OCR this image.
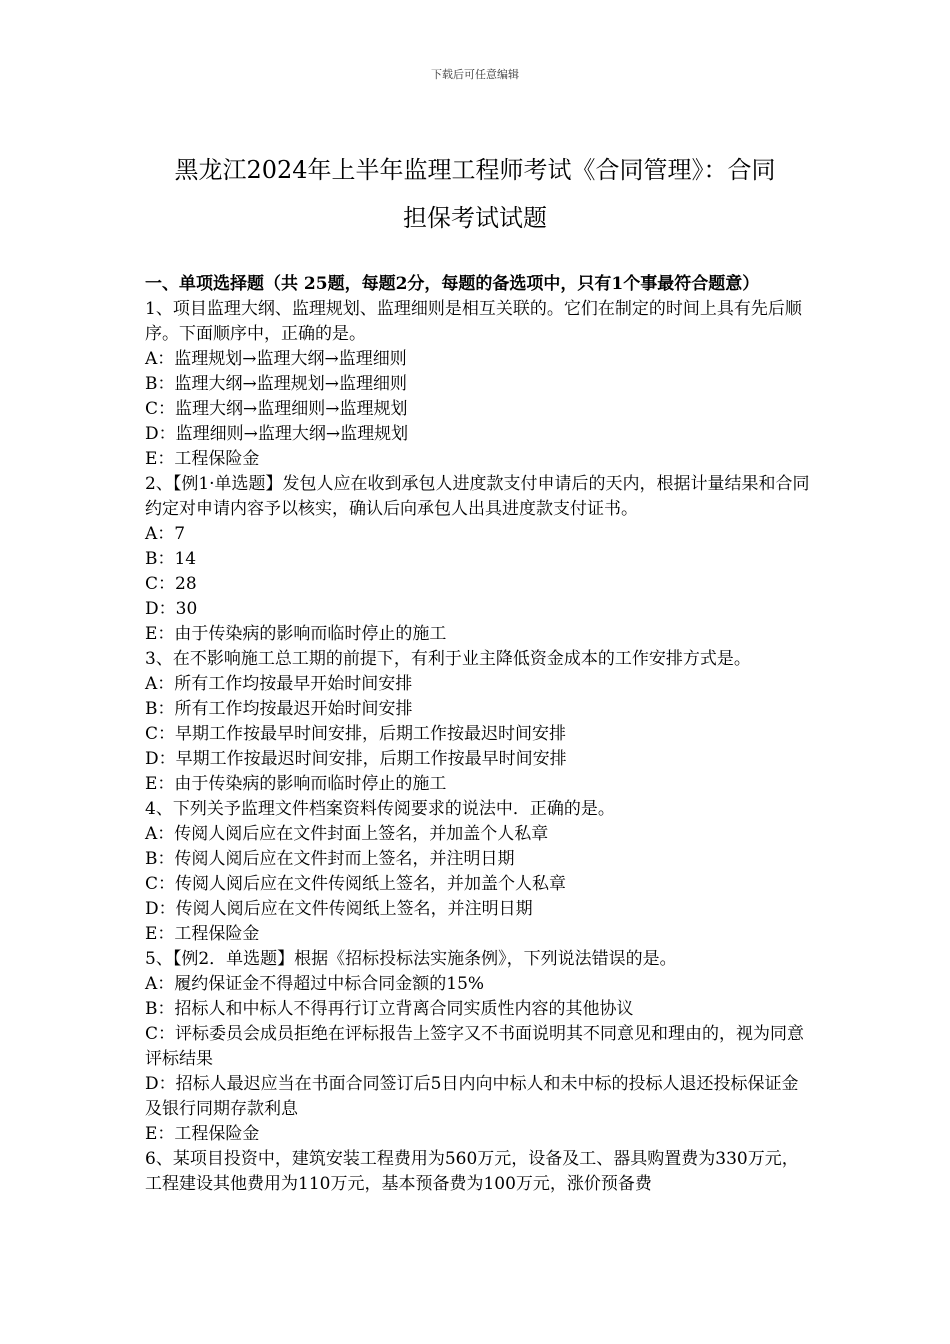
下载后可任意编辑
黑龙江2024年上半年监理工程师考试《合同管理》：合同
担保考试试题
一、单项选择题（共 25题，每题2分，每题的备选项中，只有1个事最符合题意）
1、项目监理大纲、监理规划、监理细则是相互关联的。它们在制定的时间上具有先后顺序。下面顺序中，正确的是。
A：监理规划→监理大纲→监理细则
B：监理大纲→监理规划→监理细则
C：监理大纲→监理细则→监理规划
D：监理细则→监理大纲→监理规划
E：工程保险金
2、【例1·单选题】发包人应在收到承包人进度款支付申请后的天内，根据计量结果和合同约定对申请内容予以核实，确认后向承包人出具进度款支付证书。
A：7
B：14
C：28
D：30
E：由于传染病的影响而临时停止的施工
3、在不影响施工总工期的前提下，有利于业主降低资金成本的工作安排方式是。
A：所有工作均按最早开始时间安排
B：所有工作均按最迟开始时间安排
C：早期工作按最早时间安排，后期工作按最迟时间安排
D：早期工作按最迟时间安排，后期工作按最早时间安排
E：由于传染病的影响而临时停止的施工
4、下列关予监理文件档案资料传阅要求的说法中．正确的是。
A：传阅人阅后应在文件封面上签名，并加盖个人私章
B：传阅人阅后应在文件封而上签名，并注明日期
C：传阅人阅后应在文件传阅纸上签名，并加盖个人私章
D：传阅人阅后应在文件传阅纸上签名，并注明日期
E：工程保险金
5、【例2．单选题】根据《招标投标法实施条例》，下列说法错误的是。
A：履约保证金不得超过中标合同金额的15%
B：招标人和中标人不得再行订立背离合同实质性内容的其他协议
C：评标委员会成员拒绝在评标报告上签字又不书面说明其不同意见和理由的，视为同意评标结果
D：招标人最迟应当在书面合同签订后5日内向中标人和未中标的投标人退还投标保证金及银行同期存款利息
E：工程保险金
6、某项目投资中，建筑安装工程费用为560万元，设备及工、器具购置费为330万元，工程建设其他费用为110万元，基本预备费为100万元，涨价预备费
